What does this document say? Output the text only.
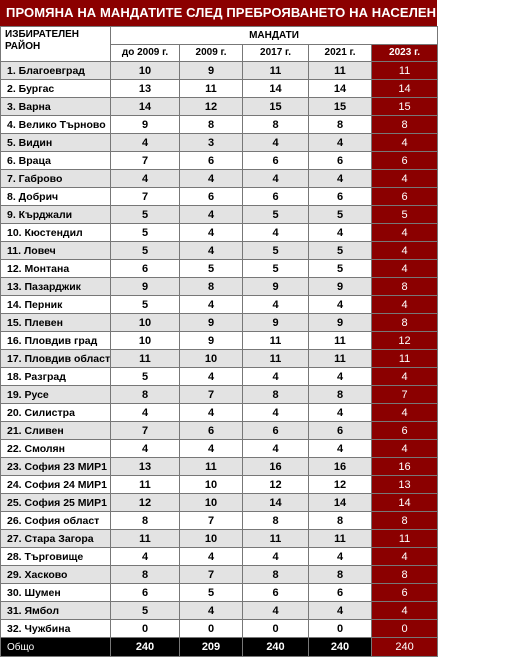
ПРОМЯНА НА МАНДАТИТЕ СЛЕД ПРЕБРОЯВАНЕТО НА НАСЕЛЕНИЕТО 2021 Г.
ИЗБИРАТЕЛЕН РАЙОН	МАНДАТИ				
	до 2009 г.	2009 г.	2017 г.	2021 г.	2023 г.
1. Благоевград	10	9	11	11	11
2. Бургас	13	11	14	14	14
3. Варна	14	12	15	15	15
4. Велико Търново	9	8	8	8	8
5. Видин	4	3	4	4	4
6. Враца	7	6	6	6	6
7. Габрово	4	4	4	4	4
8. Добрич	7	6	6	6	6
9. Кърджали	5	4	5	5	5
10. Кюстендил	5	4	4	4	4
11. Ловеч	5	4	5	5	4
12. Монтана	6	5	5	5	4
13. Пазарджик	9	8	9	9	8
14. Перник	5	4	4	4	4
15. Плевен	10	9	9	9	8
16. Пловдив град	10	9	11	11	12
17. Пловдив област	11	10	11	11	11
18. Разград	5	4	4	4	4
19. Русе	8	7	8	8	7
20. Силистра	4	4	4	4	4
21. Сливен	7	6	6	6	6
22. Смолян	4	4	4	4	4
23. София 23 МИР1	13	11	16	16	16
24. София 24 МИР1	11	10	12	12	13
25. София 25 МИР1	12	10	14	14	14
26. София област	8	7	8	8	8
27. Стара Загора	11	10	11	11	11
28. Търговище	4	4	4	4	4
29. Хасково	8	7	8	8	8
30. Шумен	6	5	6	6	6
31. Ямбол	5	4	4	4	4
32. Чужбина	0	0	0	0	0
Общо	240	209	240	240	240
